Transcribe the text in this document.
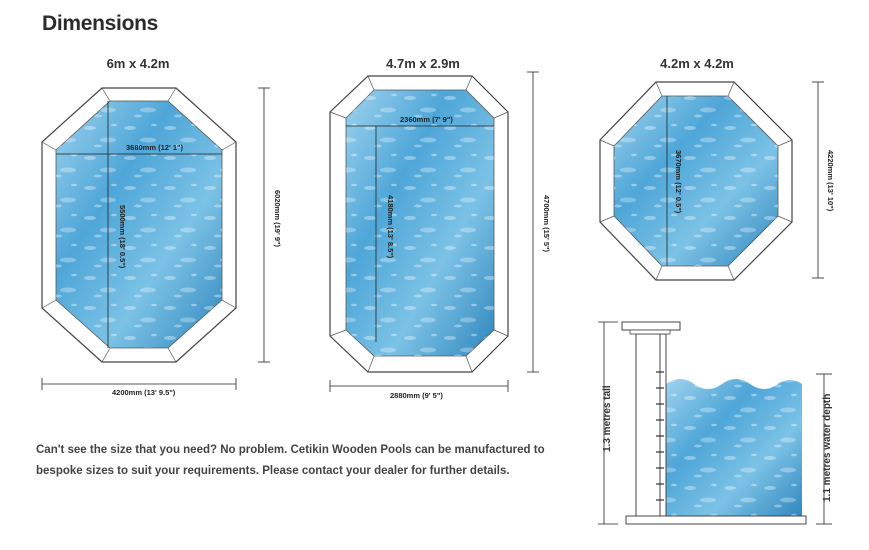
Dimensions
6m x 4.2m	4.7m x 2.9m	4.2m x 4.2m
3680mm (12' 1")
5500mm (18' 0.5")	6020mm (19' 9")
4200mm (13' 9.5")
2360mm (7' 9")
4180mm (13' 8.5")	4700mm (15' 5")
2880mm (9' 5")
3670mm (12' 0.5")	4220mm (13' 10")
1.3 metres tall	1.1 metres water depth
Can't see the size that you need? No problem. Cetikin Wooden Pools can be manufactured to bespoke sizes to suit your requirements. Please contact your dealer for further details.
